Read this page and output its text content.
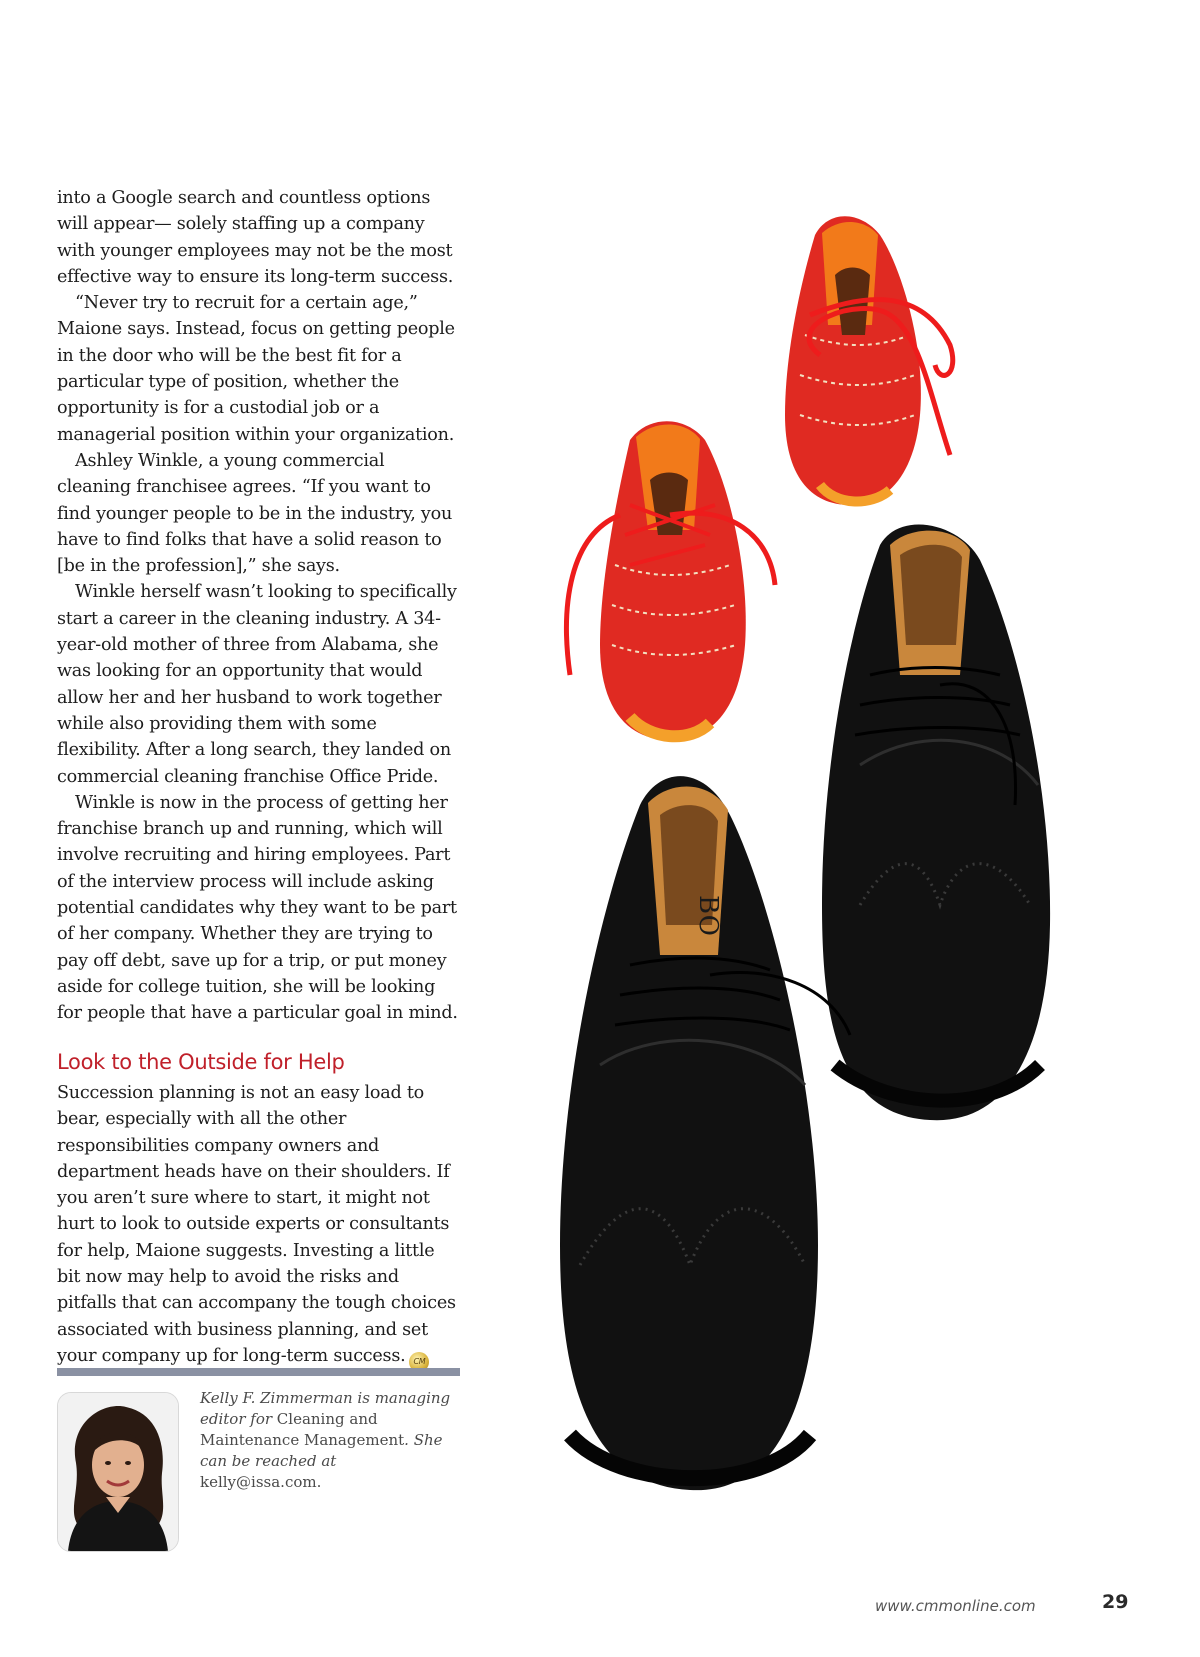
into a Google search and countless options will appear— solely staffing up a company with younger employees may not be the most effective way to ensure its long-term success.

“Never try to recruit for a certain age,” Maione says. Instead, focus on getting people in the door who will be the best fit for a particular type of position, whether the opportunity is for a custodial job or a managerial position within your organization.

Ashley Winkle, a young commercial cleaning franchisee agrees. “If you want to find younger people to be in the industry, you have to find folks that have a solid reason to [be in the profession],” she says.

Winkle herself wasn’t looking to specifically start a career in the cleaning industry. A 34-year-old mother of three from Alabama, she was looking for an opportunity that would allow her and her husband to work together while also providing them with some flexibility. After a long search, they landed on commercial cleaning franchise Office Pride.

Winkle is now in the process of getting her franchise branch up and running, which will involve recruiting and hiring employees. Part of the interview process will include asking potential candidates why they want to be part of her company. Whether they are trying to pay off debt, save up for a trip, or put money aside for college tuition, she will be looking for people that have a particular goal in mind.

Look to the Outside for Help

Succession planning is not an easy load to bear, especially with all the other responsibilities company owners and department heads have on their shoulders. If you aren’t sure where to start, it might not hurt to look to outside experts or consultants for help, Maione suggests. Investing a little bit now may help to avoid the risks and pitfalls that can accompany the tough choices associated with business planning, and set your company up for long-term success. CM

Kelly F. Zimmerman is managing editor for Cleaning and Maintenance Management. She can be reached at kelly@issa.com.
BO
www.cmmonline.com	29
